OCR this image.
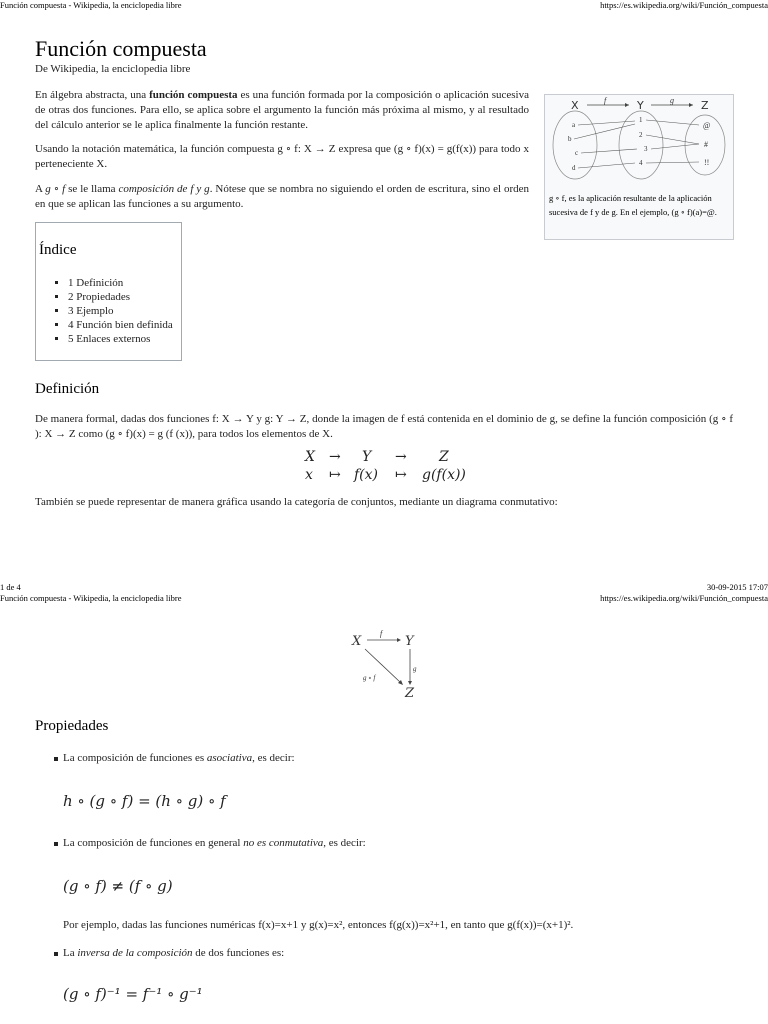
Función compuesta - Wikipedia, la enciclopedia libre	https://es.wikipedia.org/wiki/Función_compuesta
Función compuesta
De Wikipedia, la enciclopedia libre

En álgebra abstracta, una función compuesta es una función formada por la composición o aplicación sucesiva de otras dos funciones. Para ello, se aplica sobre el argumento la función más próxima al mismo, y al resultado del cálculo anterior se le aplica finalmente la función restante.

Usando la notación matemática, la función compuesta g ∘ f: X → Z expresa que (g ∘ f)(x) = g(f(x)) para todo x perteneciente X.

A g ∘ f se le llama composición de f y g. Nótese que se nombra no siguiendo el orden de escritura, sino el orden en que se aplican las funciones a su argumento.

X	Y	Z
f	g
a
b
c
d
1
2
3
4
@
#
!!
g ∘ f, es la aplicación resultante de la aplicación sucesiva de f y de g. En el ejemplo, (g ∘ f)(a)=@.
Índice
▪ 1 Definición
▪ 2 Propiedades
▪ 3 Ejemplo
▪ 4 Función bien definida
▪ 5 Enlaces externos
Definición

De manera formal, dadas dos funciones f: X → Y y g: Y → Z, donde la imagen de f está contenida en el dominio de g, se define la función composición (g ∘ f ): X → Z como (g ∘ f)(x) = g (f (x)), para todos los elementos de X.

X → Y → Z
x ↦ f(x) ↦ g(f(x))

También se puede representar de manera gráfica usando la categoría de conjuntos, mediante un diagrama conmutativo:

1 de 4	30-09-2015 17:07
Función compuesta - Wikipedia, la enciclopedia libre	https://es.wikipedia.org/wiki/Función_compuesta
X	Y
Z
f
g
g ∘ f
Propiedades
La composición de funciones es asociativa, es decir:
h ∘ (g ∘ f) = (h ∘ g) ∘ f
La composición de funciones en general no es conmutativa, es decir:
(g ∘ f) ≠ (f ∘ g)
Por ejemplo, dadas las funciones numéricas f(x)=x+1 y g(x)=x², entonces f(g(x))=x²+1, en tanto que g(f(x))=(x+1)².
La inversa de la composición de dos funciones es:
(g ∘ f)⁻¹ = f⁻¹ ∘ g⁻¹
